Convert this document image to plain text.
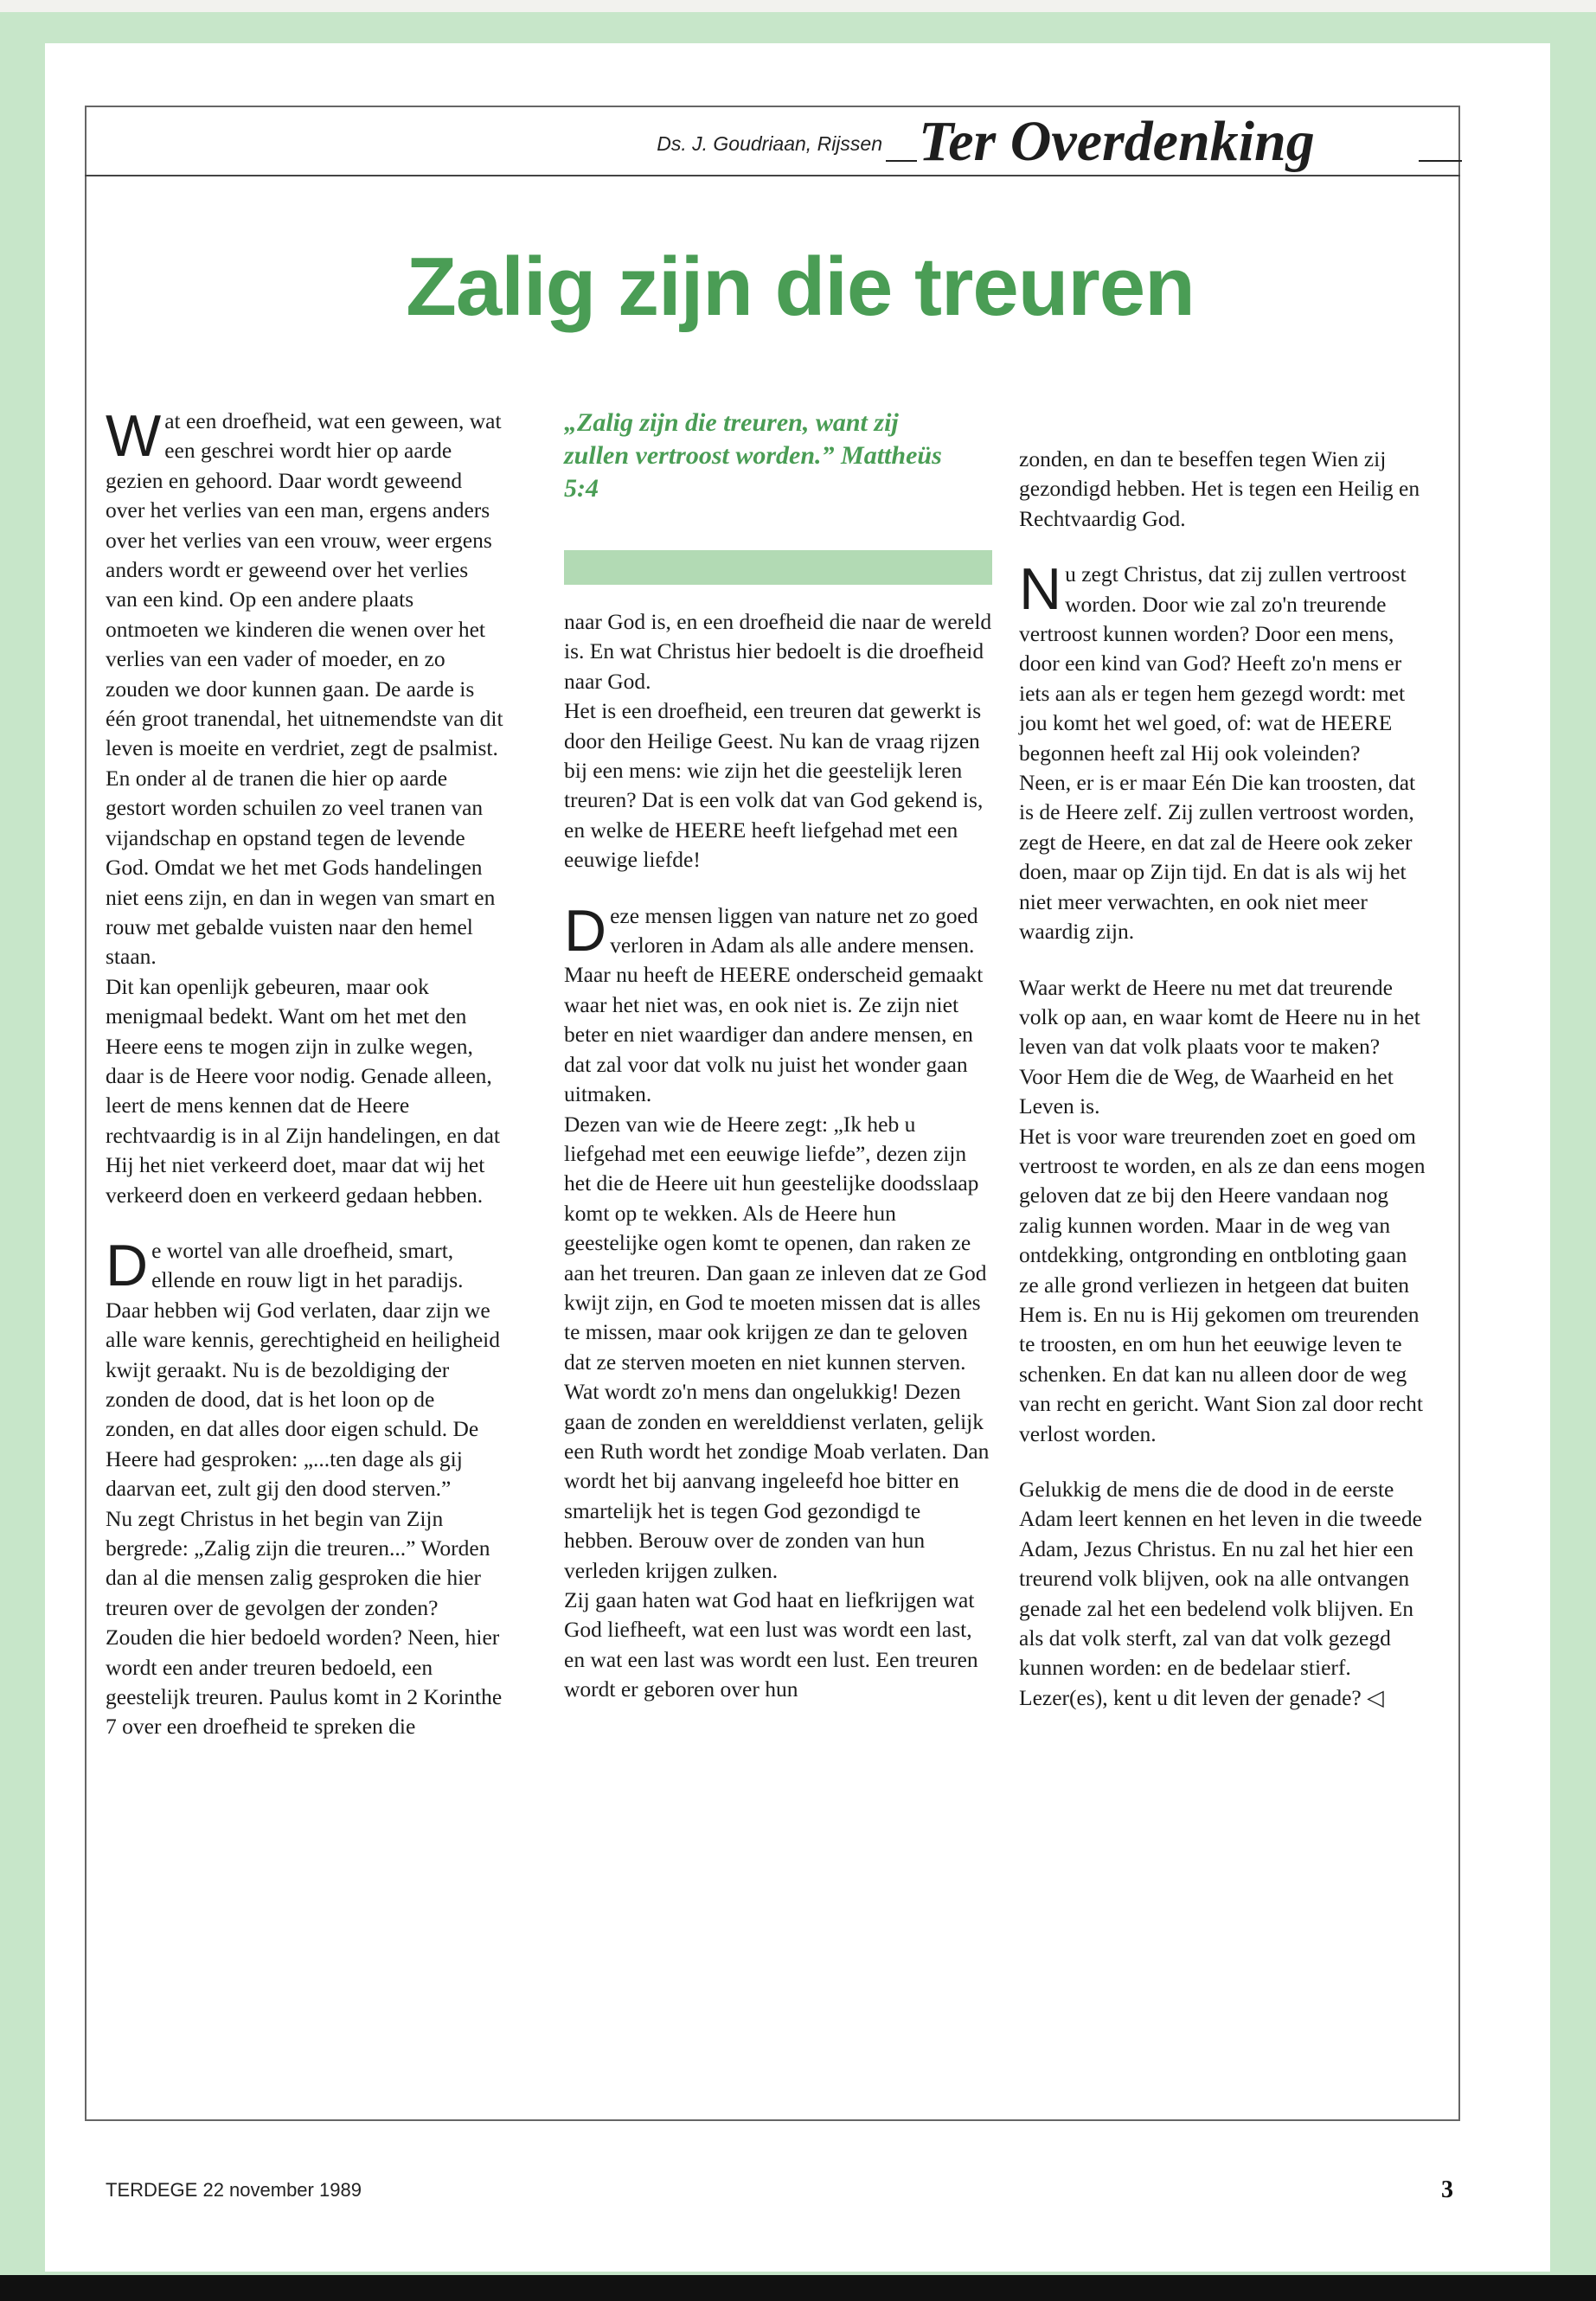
Ds. J. Goudriaan, Rijssen Ter Overdenking
Zalig zijn die treuren

Wat een droefheid, wat een geween, wat een geschrei wordt hier op aarde gezien en gehoord. Daar wordt geweend over het verlies van een man, ergens anders over het verlies van een vrouw, weer ergens anders wordt er geweend over het verlies van een kind. Op een andere plaats ontmoeten we kinderen die wenen over het verlies van een vader of moeder, en zo zouden we door kunnen gaan. De aarde is één groot tranendal, het uitnemendste van dit leven is moeite en verdriet, zegt de psalmist.

En onder al de tranen die hier op aarde gestort worden schuilen zo veel tranen van vijandschap en opstand tegen de levende God. Omdat we het met Gods handelingen niet eens zijn, en dan in wegen van smart en rouw met gebalde vuisten naar den hemel staan.

Dit kan openlijk gebeuren, maar ook menigmaal bedekt. Want om het met den Heere eens te mogen zijn in zulke wegen, daar is de Heere voor nodig. Genade alleen, leert de mens kennen dat de Heere rechtvaardig is in al Zijn handelingen, en dat Hij het niet verkeerd doet, maar dat wij het verkeerd doen en verkeerd gedaan hebben.

De wortel van alle droefheid, smart, ellende en rouw ligt in het paradijs. Daar hebben wij God verlaten, daar zijn we alle ware kennis, gerechtigheid en heiligheid kwijt geraakt. Nu is de bezoldiging der zonden de dood, dat is het loon op de zonden, en dat alles door eigen schuld. De Heere had gesproken: „...ten dage als gij daarvan eet, zult gij den dood sterven.”

Nu zegt Christus in het begin van Zijn bergrede: „Zalig zijn die treuren...” Worden dan al die mensen zalig gesproken die hier treuren over de gevolgen der zonden? Zouden die hier bedoeld worden? Neen, hier wordt een ander treuren bedoeld, een geestelijk treuren. Paulus komt in 2 Korinthe 7 over een droefheid te spreken die

„Zalig zijn die treuren, want zij zullen vertroost worden.” Mattheüs 5:4

naar God is, en een droefheid die naar de wereld is. En wat Christus hier bedoelt is die droefheid naar God.

Het is een droefheid, een treuren dat gewerkt is door den Heilige Geest. Nu kan de vraag rijzen bij een mens: wie zijn het die geestelijk leren treuren? Dat is een volk dat van God gekend is, en welke de HEERE heeft liefgehad met een eeuwige liefde!

Deze mensen liggen van nature net zo goed verloren in Adam als alle andere mensen. Maar nu heeft de HEERE onderscheid gemaakt waar het niet was, en ook niet is. Ze zijn niet beter en niet waardiger dan andere mensen, en dat zal voor dat volk nu juist het wonder gaan uitmaken.

Dezen van wie de Heere zegt: „Ik heb u liefgehad met een eeuwige liefde”, dezen zijn het die de Heere uit hun geestelijke doodsslaap komt op te wekken. Als de Heere hun geestelijke ogen komt te openen, dan raken ze aan het treuren. Dan gaan ze inleven dat ze God kwijt zijn, en God te moeten missen dat is alles te missen, maar ook krijgen ze dan te geloven dat ze sterven moeten en niet kunnen sterven.

Wat wordt zo'n mens dan ongelukkig! Dezen gaan de zonden en werelddienst verlaten, gelijk een Ruth wordt het zondige Moab verlaten. Dan wordt het bij aanvang ingeleefd hoe bitter en smartelijk het is tegen God gezondigd te hebben. Berouw over de zonden van hun verleden krijgen zulken.

Zij gaan haten wat God haat en liefkrijgen wat God liefheeft, wat een lust was wordt een last, en wat een last was wordt een lust. Een treuren wordt er geboren over hun

zonden, en dan te beseffen tegen Wien zij gezondigd hebben. Het is tegen een Heilig en Rechtvaardig God.

Nu zegt Christus, dat zij zullen vertroost worden. Door wie zal zo'n treurende vertroost kunnen worden? Door een mens, door een kind van God? Heeft zo'n mens er iets aan als er tegen hem gezegd wordt: met jou komt het wel goed, of: wat de HEERE begonnen heeft zal Hij ook voleinden?

Neen, er is er maar Eén Die kan troosten, dat is de Heere zelf. Zij zullen vertroost worden, zegt de Heere, en dat zal de Heere ook zeker doen, maar op Zijn tijd. En dat is als wij het niet meer verwachten, en ook niet meer waardig zijn.

Waar werkt de Heere nu met dat treurende volk op aan, en waar komt de Heere nu in het leven van dat volk plaats voor te maken? Voor Hem die de Weg, de Waarheid en het Leven is.

Het is voor ware treurenden zoet en goed om vertroost te worden, en als ze dan eens mogen geloven dat ze bij den Heere vandaan nog zalig kunnen worden. Maar in de weg van ontdekking, ontgronding en ontbloting gaan ze alle grond verliezen in hetgeen dat buiten Hem is. En nu is Hij gekomen om treurenden te troosten, en om hun het eeuwige leven te schenken. En dat kan nu alleen door de weg van recht en gericht. Want Sion zal door recht verlost worden.

Gelukkig de mens die de dood in de eerste Adam leert kennen en het leven in die tweede Adam, Jezus Christus. En nu zal het hier een treurend volk blijven, ook na alle ontvangen genade zal het een bedelend volk blijven. En als dat volk sterft, zal van dat volk gezegd kunnen worden: en de bedelaar stierf.

Lezer(es), kent u dit leven der genade? ◁

TERDEGE 22 november 1989	3
